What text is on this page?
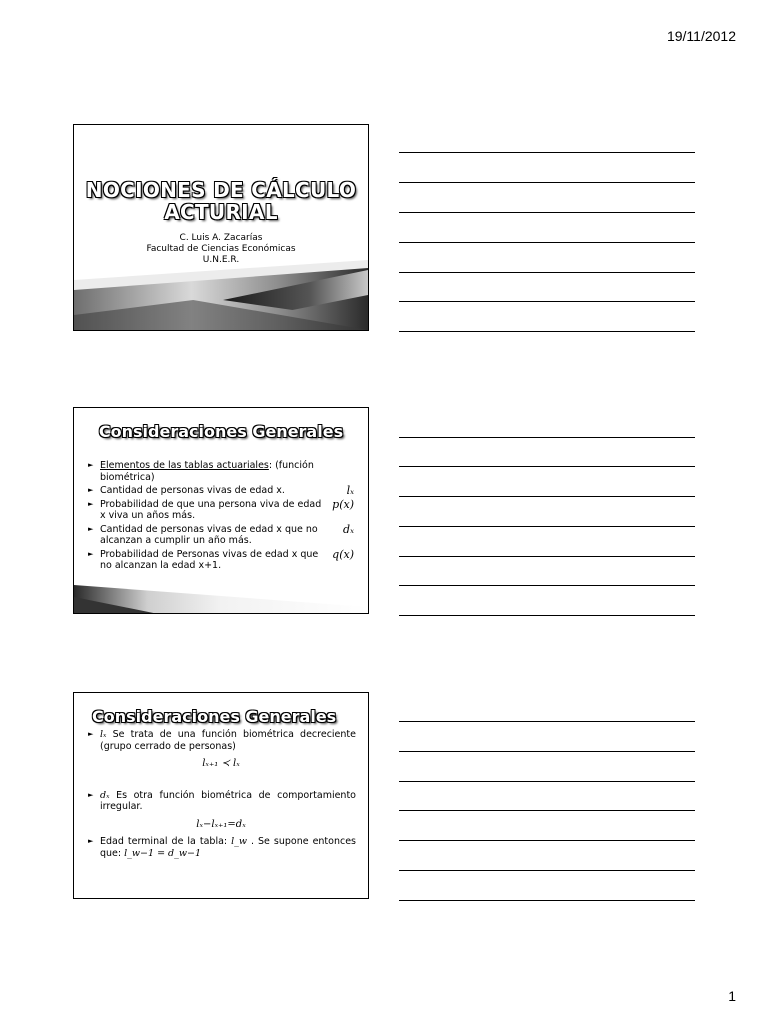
19/11/2012
NOCIONES DE CÁLCULO
ACTURIAL
C. Luis A. Zacarías
Facultad de Ciencias Económicas
U.N.E.R.
Consideraciones Generales
► Elementos de las tablas actuariales: (función biométrica)
► Cantidad de personas vivas de edad x.	lₓ
► Probabilidad de que una persona viva de edad x viva un años más.
p(x)
► Cantidad de personas vivas de edad x que no alcanzan a cumplir un año más.
dₓ
► Probabilidad de Personas vivas de edad x que no alcanzan la edad x+1.
q(x)
Consideraciones Generales
► lₓ Se trata de una función biométrica decreciente (grupo cerrado de personas)
lₓ₊₁ ≺ lₓ
► dₓ Es otra función biométrica de comportamiento irregular.
lₓ−lₓ₊₁=dₓ
► Edad terminal de la tabla: l_w . Se supone entonces que: l_w−1 = d_w−1
1
